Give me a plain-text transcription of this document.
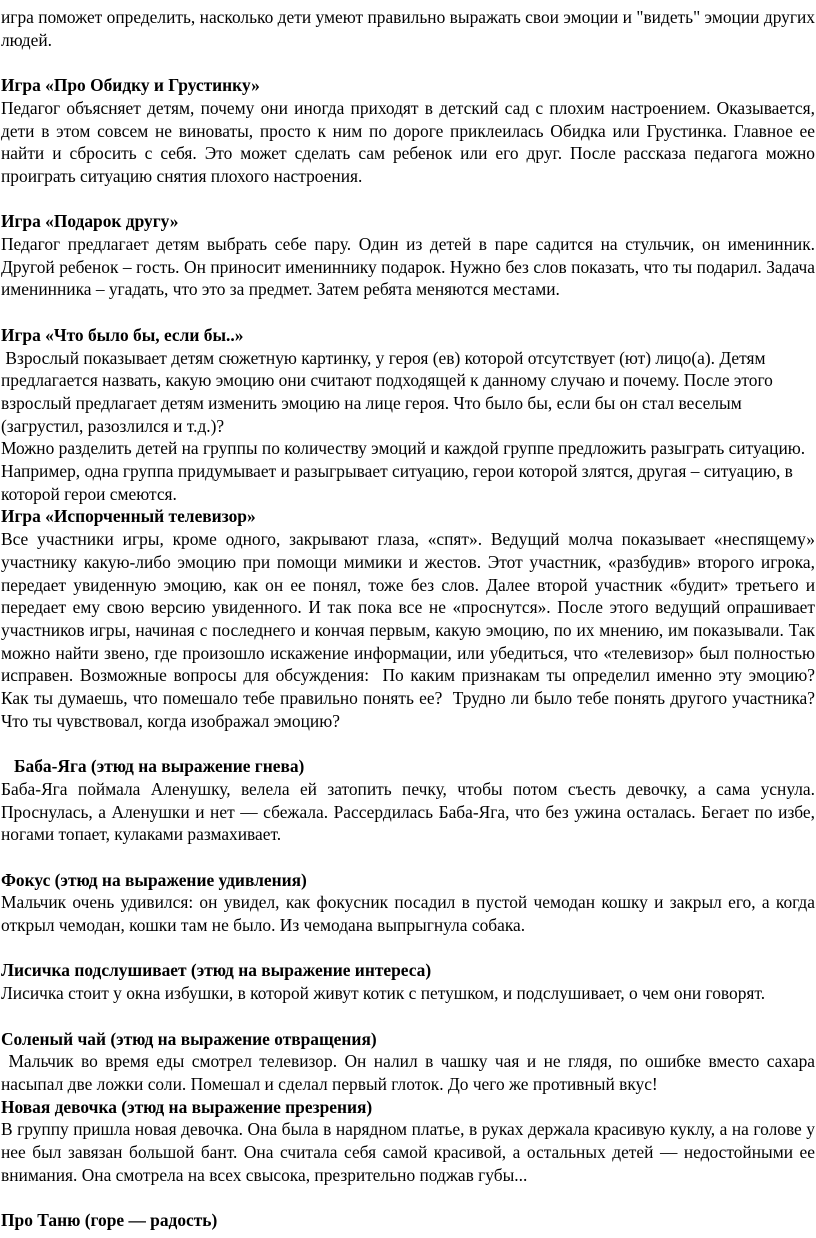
игра поможет определить, насколько дети умеют правильно выражать свои эмоции и "видеть" эмоции других людей.

Игра «Про Обидку и Грустинку»

Педагог объясняет детям, почему они иногда приходят в детский сад с плохим настроением. Оказывается, дети в этом совсем не виноваты, просто к ним по дороге приклеилась Обидка или Грустинка. Главное ее найти и сбросить с себя. Это может сделать сам ребенок или его друг. После рассказа педагога можно проиграть ситуацию снятия плохого настроения.

Игра «Подарок другу»

Педагог предлагает детям выбрать себе пару. Один из детей в паре садится на стульчик, он именинник. Другой ребенок – гость. Он приносит имениннику подарок. Нужно без слов показать, что ты подарил. Задача именинника – угадать, что это за предмет. Затем ребята меняются местами.

Игра «Что было бы, если бы..»

Взрослый показывает детям сюжетную картинку, у героя (ев) которой отсутствует (ют) лицо(а). Детям предлагается назвать, какую эмоцию они считают подходящей к данному случаю и почему. После этого взрослый предлагает детям изменить эмоцию на лице героя. Что было бы, если бы он стал веселым (загрустил, разозлился и т.д.)?

Можно разделить детей на группы по количеству эмоций и каждой группе предложить разыграть ситуацию. Например, одна группа придумывает и разыгрывает ситуацию, герои которой злятся, другая – ситуацию, в которой герои смеются.

Игра «Испорченный телевизор»

Все участники игры, кроме одного, закрывают глаза, «спят». Ведущий молча показывает «неспящему» участнику какую-либо эмоцию при помощи мимики и жестов. Этот участник, «разбудив» второго игрока, передает увиденную эмоцию, как он ее понял, тоже без слов. Далее второй участник «будит» третьего и передает ему свою версию увиденного. И так пока все не «проснутся». После этого ведущий опрашивает участников игры, начиная с последнего и кончая первым, какую эмоцию, по их мнению, им показывали. Так можно найти звено, где произошло искажение информации, или убедиться, что «телевизор» был полностью исправен. Возможные вопросы для обсуждения:  По каким признакам ты определил именно эту эмоцию?  Как ты думаешь, что помешало тебе правильно понять ее?  Трудно ли было тебе понять другого участника?  Что ты чувствовал, когда изображал эмоцию?

Баба-Яга (этюд на выражение гнева)

Баба-Яга поймала Аленушку, велела ей затопить печку, чтобы потом съесть девочку, а сама уснула. Проснулась, а Аленушки и нет — сбежала. Рассердилась Баба-Яга, что без ужина осталась. Бегает по избе, ногами топает, кулаками размахивает.

Фокус (этюд на выражение удивления)

Мальчик очень удивился: он увидел, как фокусник посадил в пустой чемодан кошку и закрыл его, а когда открыл чемодан, кошки там не было. Из чемодана выпрыгнула собака.

Лисичка подслушивает (этюд на выражение интереса)

Лисичка стоит у окна избушки, в которой живут котик с петушком, и подслушивает, о чем они говорят.

Соленый чай (этюд на выражение отвращения)

Мальчик во время еды смотрел телевизор. Он налил в чашку чая и не глядя, по ошибке вместо сахара насыпал две ложки соли. Помешал и сделал первый глоток. До чего же противный вкус!

Новая девочка (этюд на выражение презрения)

В группу пришла новая девочка. Она была в нарядном платье, в руках держала красивую куклу, а на голове у нее был завязан большой бант. Она считала себя самой красивой, а остальных детей — недостойными ее внимания. Она смотрела на всех свысока, презрительно поджав губы...

Про Таню (горе — радость)
